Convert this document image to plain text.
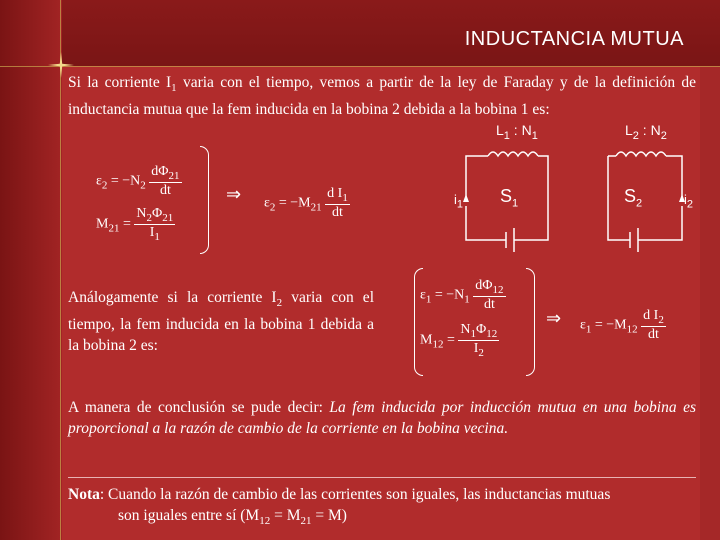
INDUCTANCIA MUTUA
Si la corriente $I_1$ varia con el tiempo, vemos a partir de la ley de Faraday y de la definición de inductancia mutua que la fem inducida en la bobina 2 debida a la bobina 1 es:
$\varepsilon_2 = -N_2 \frac{d\Phi_{21}}{dt}$
$M_{21} = \frac{N_2\Phi_{21}}{I_1}$
⇒ $\varepsilon_2 = -M_{21} \frac{d I_1}{dt}$
$L_1$ : $N_1$	$L_2$ : $N_2$
$S_1$	$S_2$
$i_1$	$i_2$
Análogamente si la corriente $I_2$ varia con el tiempo, la fem inducida en la bobina 1 debida a la bobina 2 es:
$\varepsilon_1 = -N_1 \frac{d\Phi_{12}}{dt}$
$M_{12} = \frac{N_1\Phi_{12}}{I_2}$
⇒ $\varepsilon_1 = -M_{12} \frac{d I_2}{dt}$
A manera de conclusión se pude decir: La fem inducida por inducción mutua en una bobina es proporcional a la razón de cambio de la corriente en la bobina vecina.
Nota: Cuando la razón de cambio de las corrientes son iguales, las inductancias mutuas
son iguales entre sí $(M_{12} = M_{21} = M)$
